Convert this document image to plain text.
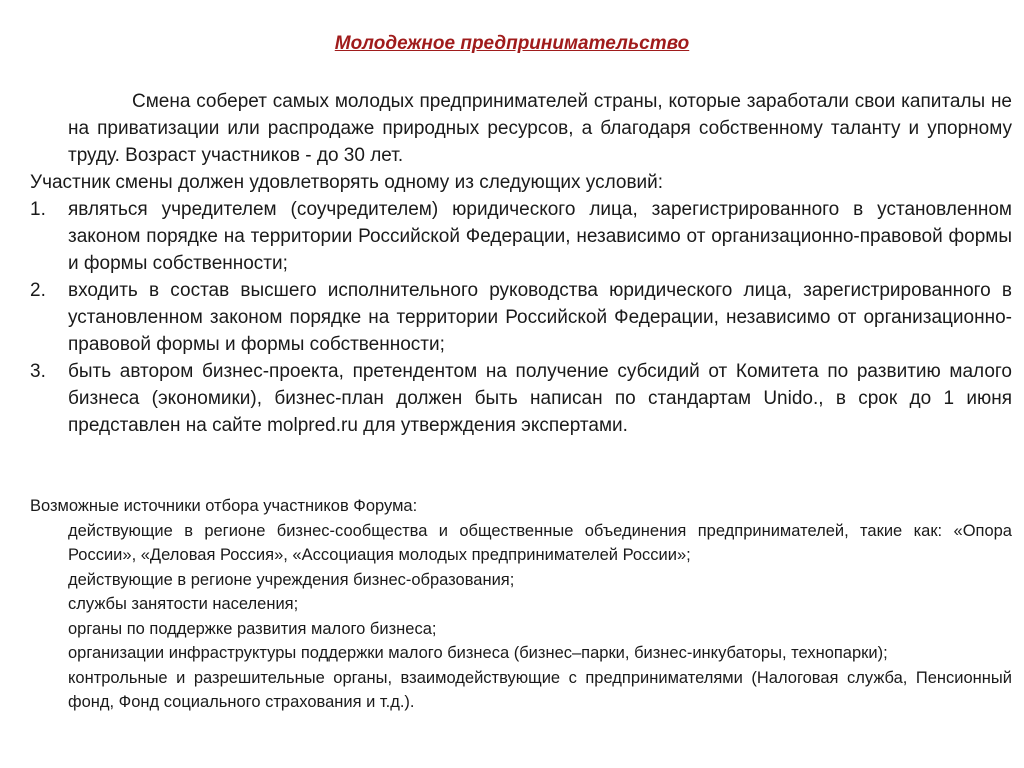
Молодежное предпринимательство

Смена соберет самых молодых предпринимателей страны, которые заработали свои капиталы не на приватизации или распродаже природных ресурсов, а благодаря собственному таланту и упорному труду. Возраст участников - до 30 лет.

Участник смены должен удовлетворять одному из следующих условий:

1. являться учредителем (соучредителем) юридического лица, зарегистрированного в установленном законом порядке на территории Российской Федерации, независимо от организационно-правовой формы и формы собственности;
2. входить в состав высшего исполнительного руководства юридического лица, зарегистрированного в установленном законом порядке на территории Российской Федерации, независимо от организационно-правовой формы и формы собственности;
3. быть автором бизнес-проекта, претендентом на получение субсидий от Комитета по развитию малого бизнеса (экономики), бизнес-план должен быть написан по стандартам Unido., в срок до 1 июня представлен на сайте molpred.ru для утверждения экспертами.

Возможные источники отбора участников Форума:

действующие в регионе бизнес-сообщества и общественные объединения предпринимателей, такие как: «Опора России», «Деловая Россия», «Ассоциация молодых предпринимателей России»;
действующие в регионе учреждения бизнес-образования;
службы занятости населения;
органы по поддержке развития малого бизнеса;
организации инфраструктуры поддержки малого бизнеса (бизнес–парки, бизнес-инкубаторы, технопарки);
контрольные и разрешительные органы, взаимодействующие с предпринимателями (Налоговая служба, Пенсионный фонд, Фонд социального страхования и т.д.).
